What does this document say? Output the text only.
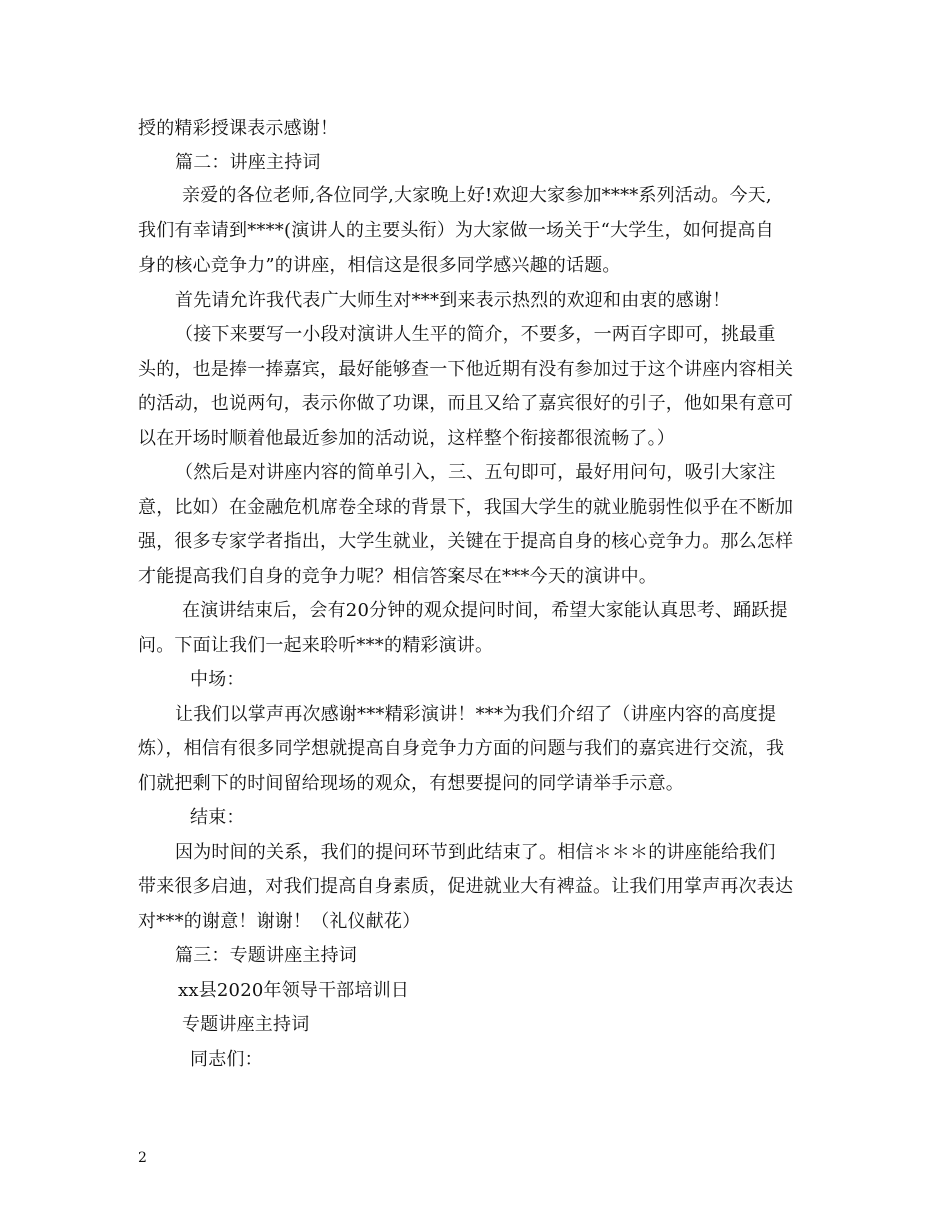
授的精彩授课表示感谢！
篇二：讲座主持词
亲爱的各位老师,各位同学,大家晚上好!欢迎大家参加****系列活动。今天,
我们有幸请到****(演讲人的主要头衔）为大家做一场关于“大学生，如何提高自
身的核心竞争力”的讲座，相信这是很多同学感兴趣的话题。
首先请允许我代表广大师生对***到来表示热烈的欢迎和由衷的感谢！
（接下来要写一小段对演讲人生平的简介，不要多，一两百字即可，挑最重
头的，也是捧一捧嘉宾，最好能够查一下他近期有没有参加过于这个讲座内容相关
的活动，也说两句，表示你做了功课，而且又给了嘉宾很好的引子，他如果有意可
以在开场时顺着他最近参加的活动说，这样整个衔接都很流畅了。）
（然后是对讲座内容的简单引入，三、五句即可，最好用问句，吸引大家注
意，比如）在金融危机席卷全球的背景下，我国大学生的就业脆弱性似乎在不断加
强，很多专家学者指出，大学生就业，关键在于提高自身的核心竞争力。那么怎样
才能提高我们自身的竞争力呢？相信答案尽在***今天的演讲中。
在演讲结束后，会有20分钟的观众提问时间，希望大家能认真思考、踊跃提
问。下面让我们一起来聆听***的精彩演讲。
中场：
让我们以掌声再次感谢***精彩演讲！***为我们介绍了（讲座内容的高度提
炼），相信有很多同学想就提高自身竞争力方面的问题与我们的嘉宾进行交流，我
们就把剩下的时间留给现场的观众，有想要提问的同学请举手示意。
结束：
因为时间的关系，我们的提问环节到此结束了。相信＊＊＊的讲座能给我们
带来很多启迪，对我们提高自身素质，促进就业大有裨益。让我们用掌声再次表达
对***的谢意！谢谢！（礼仪献花）
篇三：专题讲座主持词
xx县2020年领导干部培训日
专题讲座主持词
同志们：
2
